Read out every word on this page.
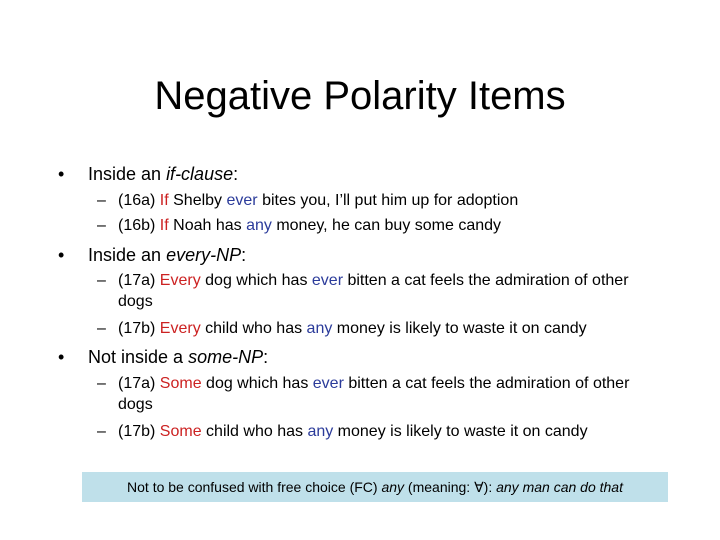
Negative Polarity Items
• Inside an if-clause:
– (16a) If Shelby ever bites you, I’ll put him up for adoption
– (16b) If Noah has any money, he can buy some candy
• Inside an every-NP:
– (17a) Every dog which has ever bitten a cat feels the admiration of other dogs
– (17b) Every child who has any money is likely to waste it on candy
• Not inside a some-NP:
– (17a) Some dog which has ever bitten a cat feels the admiration of other dogs
– (17b) Some child who has any money is likely to waste it on candy
Not to be confused with free choice (FC) any (meaning: ∀): any man can do that
